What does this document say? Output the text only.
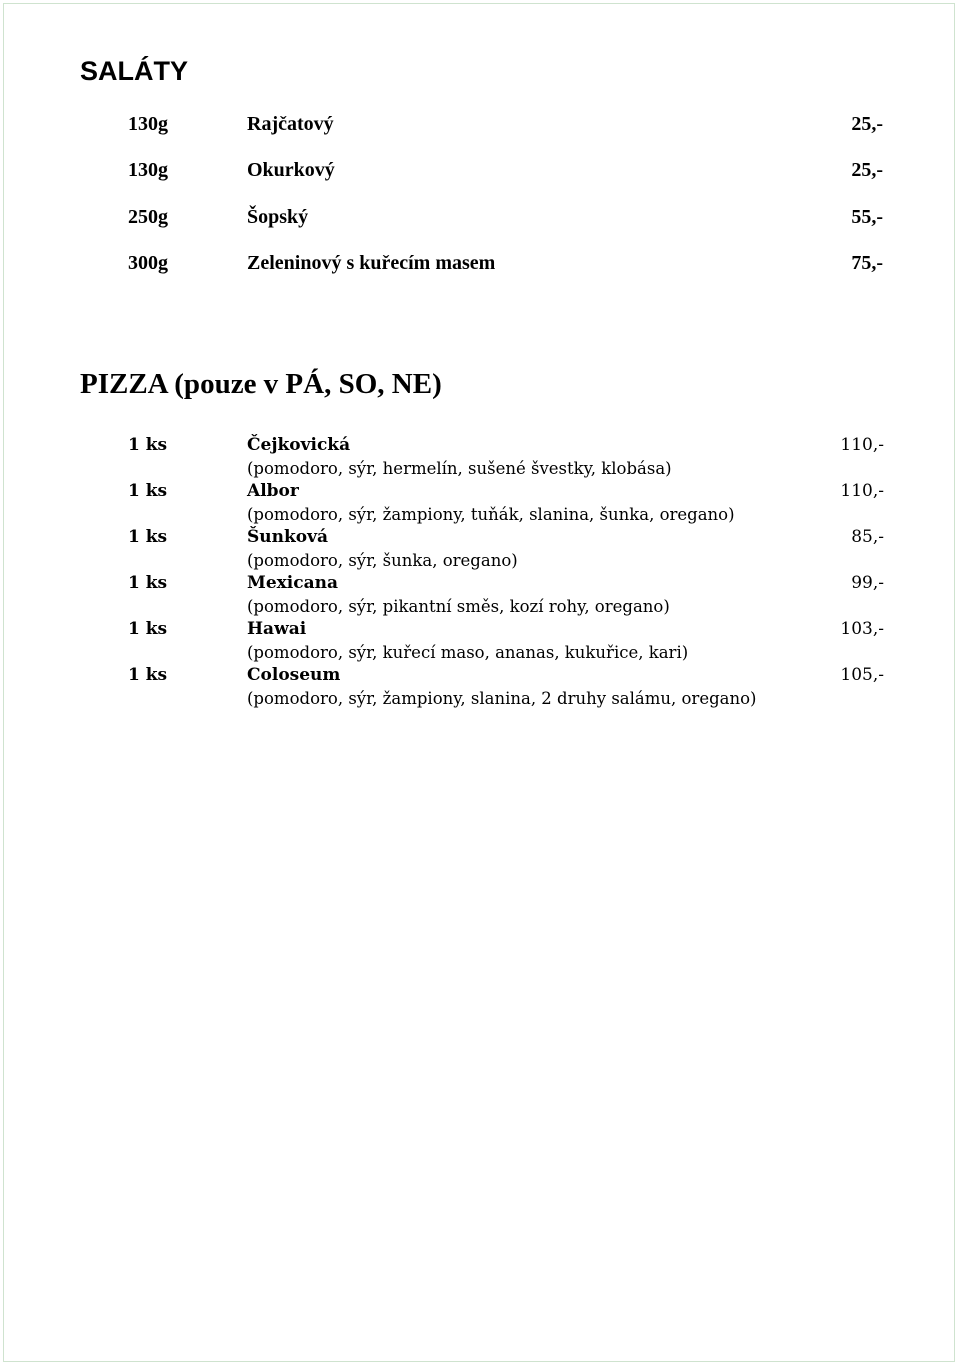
SALÁTY
130g	Rajčatový	25,-
130g	Okurkový	25,-
250g	Šopský	55,-
300g	Zeleninový s kuřecím masem	75,-
PIZZA (pouze v PÁ, SO, NE)
1 ks	Čejkovická	110,-
(pomodoro, sýr, hermelín, sušené švestky, klobása)
1 ks	Albor	110,-
(pomodoro, sýr, žampiony, tuňák, slanina, šunka, oregano)
1 ks	Šunková	85,-
(pomodoro, sýr, šunka, oregano)
1 ks	Mexicana	99,-
(pomodoro, sýr, pikantní směs, kozí rohy, oregano)
1 ks	Hawai	103,-
(pomodoro, sýr, kuřecí maso, ananas, kukuřice, kari)
1 ks	Coloseum	105,-
(pomodoro, sýr, žampiony, slanina, 2 druhy salámu, oregano)
